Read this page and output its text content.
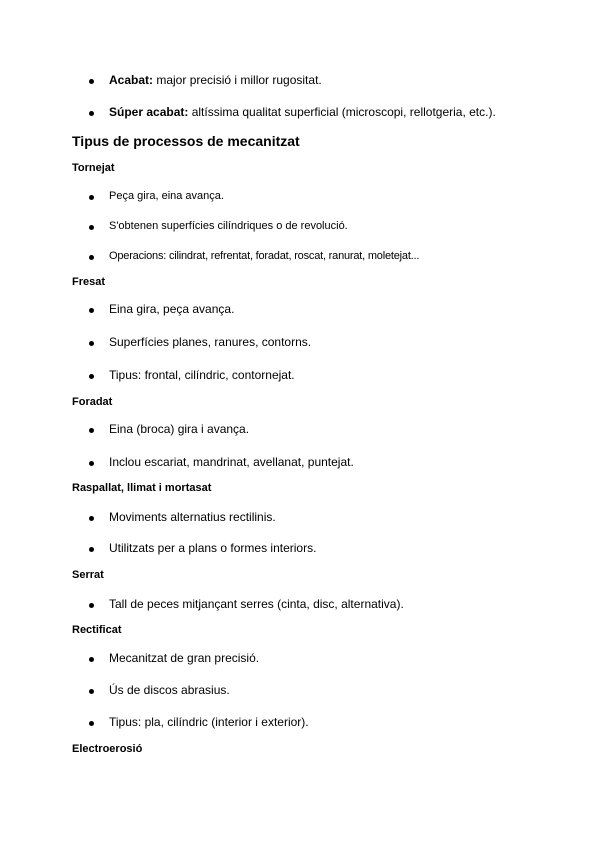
Acabat: major precisió i millor rugositat.
Súper acabat: altíssima qualitat superficial (microscopi, rellotgeria, etc.).
Tipus de processos de mecanitzat
Tornejat
Peça gira, eina avança.
S'obtenen superfícies cilíndriques o de revolució.
Operacions: cilindrat, refrentat, foradat, roscat, ranurat, moletejat...
Fresat
Eina gira, peça avança.
Superfícies planes, ranures, contorns.
Tipus: frontal, cilíndric, contornejat.
Foradat
Eina (broca) gira i avança.
Inclou escariat, mandrinat, avellanat, puntejat.
Raspallat, llimat i mortasat
Moviments alternatius rectilinis.
Utilitzats per a plans o formes interiors.
Serrat
Tall de peces mitjançant serres (cinta, disc, alternativa).
Rectificat
Mecanitzat de gran precisió.
Ús de discos abrasius.
Tipus: pla, cilíndric (interior i exterior).
Electroerosió
